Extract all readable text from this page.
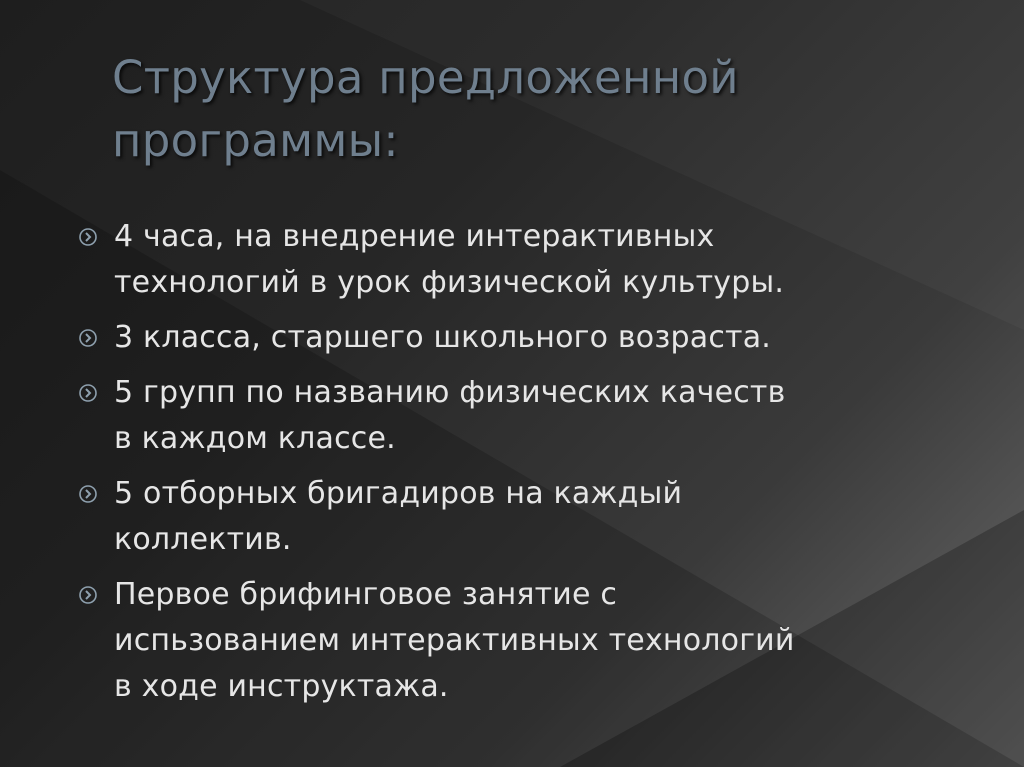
Структура предложенной
программы:
4 часа, на внедрение интерактивных
технологий в урок физической культуры.
3 класса, старшего школьного возраста.
5 групп по названию физических качеств
в каждом классе.
5 отборных бригадиров на каждый
коллектив.
Первое брифинговое занятие с
испьзованием интерактивных технологий
в ходе инструктажа.
